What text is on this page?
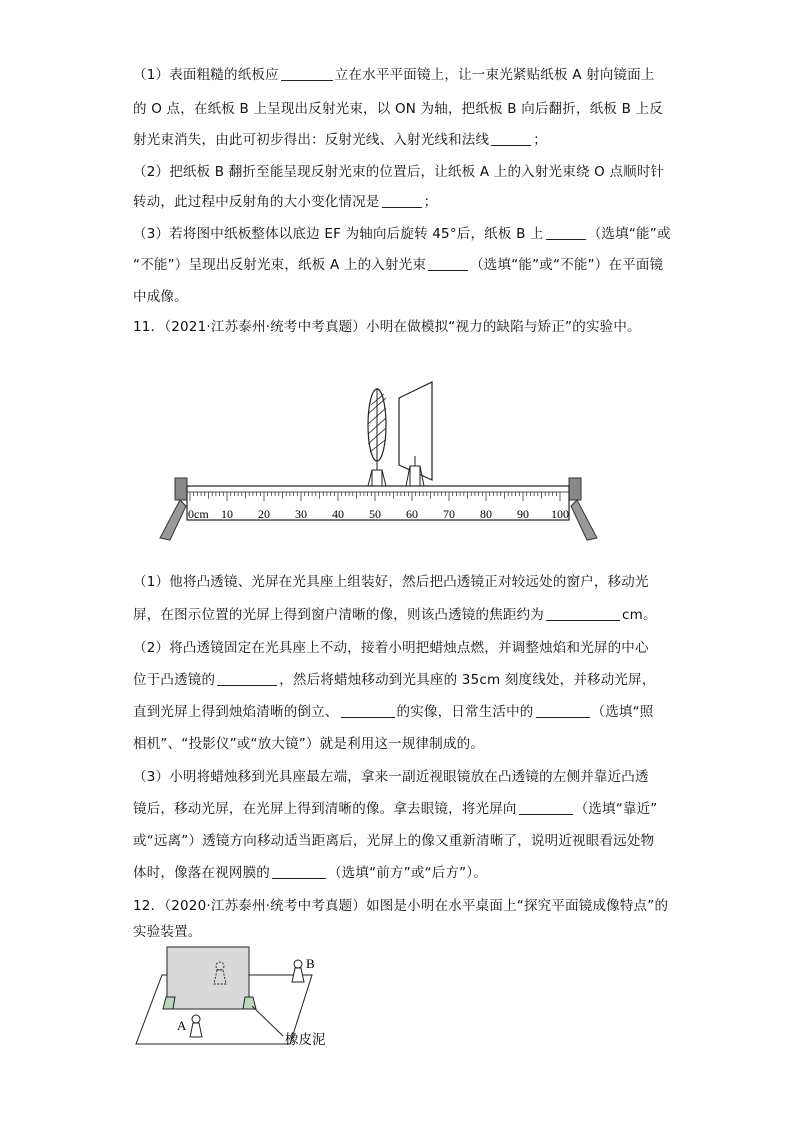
（1）表面粗糙的纸板应	立在水平平面镜上，让一束光紧贴纸板 A 射向镜面上
的 O 点，在纸板 B 上呈现出反射光束，以 ON 为轴，把纸板 B 向后翻折，纸板 B 上反
射光束消失，由此可初步得出：反射光线、入射光线和法线	；
（2）把纸板 B 翻折至能呈现反射光束的位置后，让纸板 A 上的入射光束绕 O 点顺时针
转动，此过程中反射角的大小变化情况是	；
（3）若将图中纸板整体以底边 EF 为轴向后旋转 45°后，纸板 B 上	（选填“能”或
“不能”）呈现出反射光束，纸板 A 上的入射光束	（选填“能”或“不能”）在平面镜
中成像。
11．（2021·江苏泰州·统考中考真题）小明在做模拟“视力的缺陷与矫正”的实验中。
0cm 10 20 30 40 50 60 70 80 90 100
（1）他将凸透镜、光屏在光具座上组装好，然后把凸透镜正对较远处的窗户，移动光
屏，在图示位置的光屏上得到窗户清晰的像，则该凸透镜的焦距约为	cm。
（2）将凸透镜固定在光具座上不动，接着小明把蜡烛点燃，并调整烛焰和光屏的中心
位于凸透镜的	，然后将蜡烛移动到光具座的 35cm 刻度线处，并移动光屏，
直到光屏上得到烛焰清晰的倒立、	的实像，日常生活中的	（选填“照
相机”、“投影仪”或“放大镜”）就是利用这一规律制成的。
（3）小明将蜡烛移到光具座最左端，拿来一副近视眼镜放在凸透镜的左侧并靠近凸透
镜后，移动光屏，在光屏上得到清晰的像。拿去眼镜，将光屏向	（选填“靠近”
或“远离”）透镜方向移动适当距离后，光屏上的像又重新清晰了，说明近视眼看远处物
体时，像落在视网膜的	（选填“前方”或“后方”）。
12．（2020·江苏泰州·统考中考真题）如图是小明在水平桌面上“探究平面镜成像特点”的
实验装置。
B
A
橡皮泥
